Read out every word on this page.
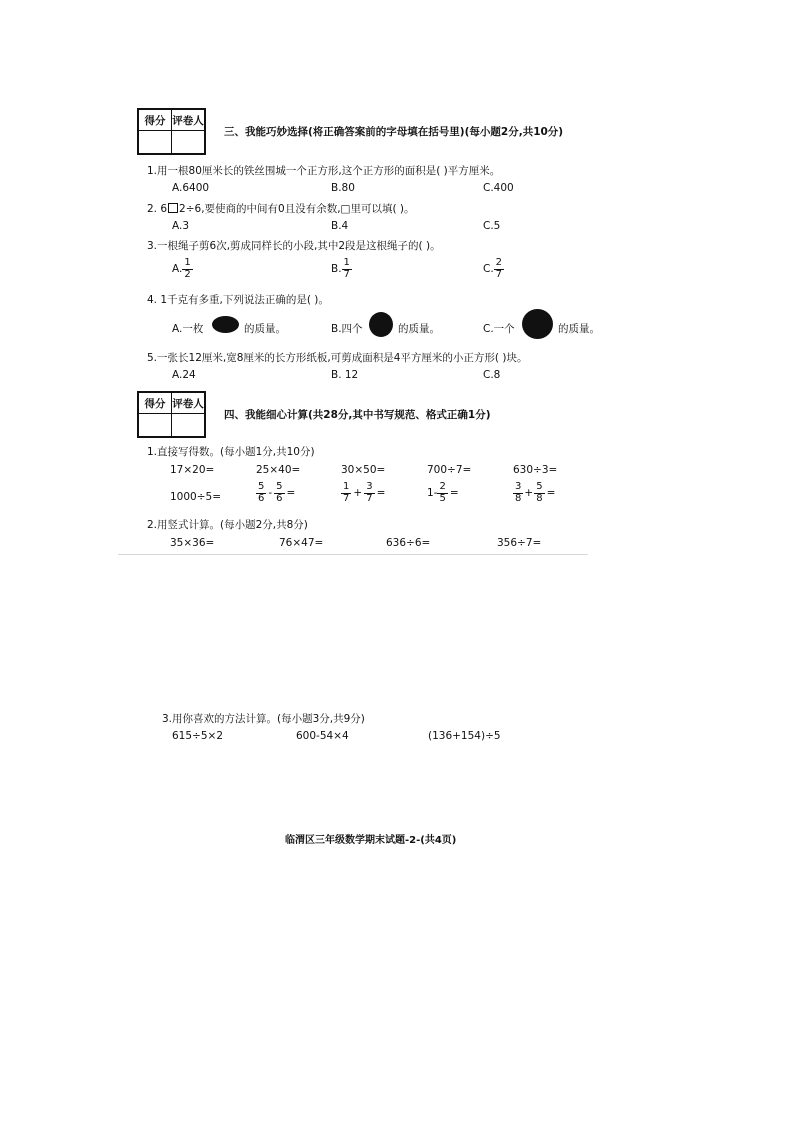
得分	评卷人

三、我能巧妙选择(将正确答案前的字母填在括号里)(每小题2分,共10分)
1.用一根80厘米长的铁丝围城一个正方形,这个正方形的面积是( )平方厘米。
A.6400	B.80	C.400
2. 6 2÷6,要使商的中间有0且没有余数,□里可以填( )。
A.3	B.4	C.5
3.一根绳子剪6次,剪成同样长的小段,其中2段是这根绳子的( )。
A. $\frac{1}{2}$	B. $\frac{1}{7}$	C. $\frac{2}{7}$
4. 1千克有多重,下列说法正确的是( )。
A.一枚	的质量。	B.四个	的质量。	C.一个	的质量。
5.一张长12厘米,宽8厘米的长方形纸板,可剪成面积是4平方厘米的小正方形( )块。
A.24	B. 12	C.8
得分	评卷人

四、我能细心计算(共28分,其中书写规范、格式正确1分)
1.直接写得数。(每小题1分,共10分)
17×20=	25×40=	30×50=	700÷7=	630÷3=
1000÷5=	$\frac{5}{6} - \frac{5}{6}$ =	$\frac{1}{7} + \frac{3}{7}$ =	$1- \frac{2}{5}$ =	$\frac{3}{8} + \frac{5}{8}$ =
2.用竖式计算。(每小题2分,共8分)
35×36=	76×47=	636÷6=	356÷7=
3.用你喜欢的方法计算。(每小题3分,共9分)
615÷5×2	600-54×4	(136+154)÷5
临渭区三年级数学期末试题-2-(共4页)
